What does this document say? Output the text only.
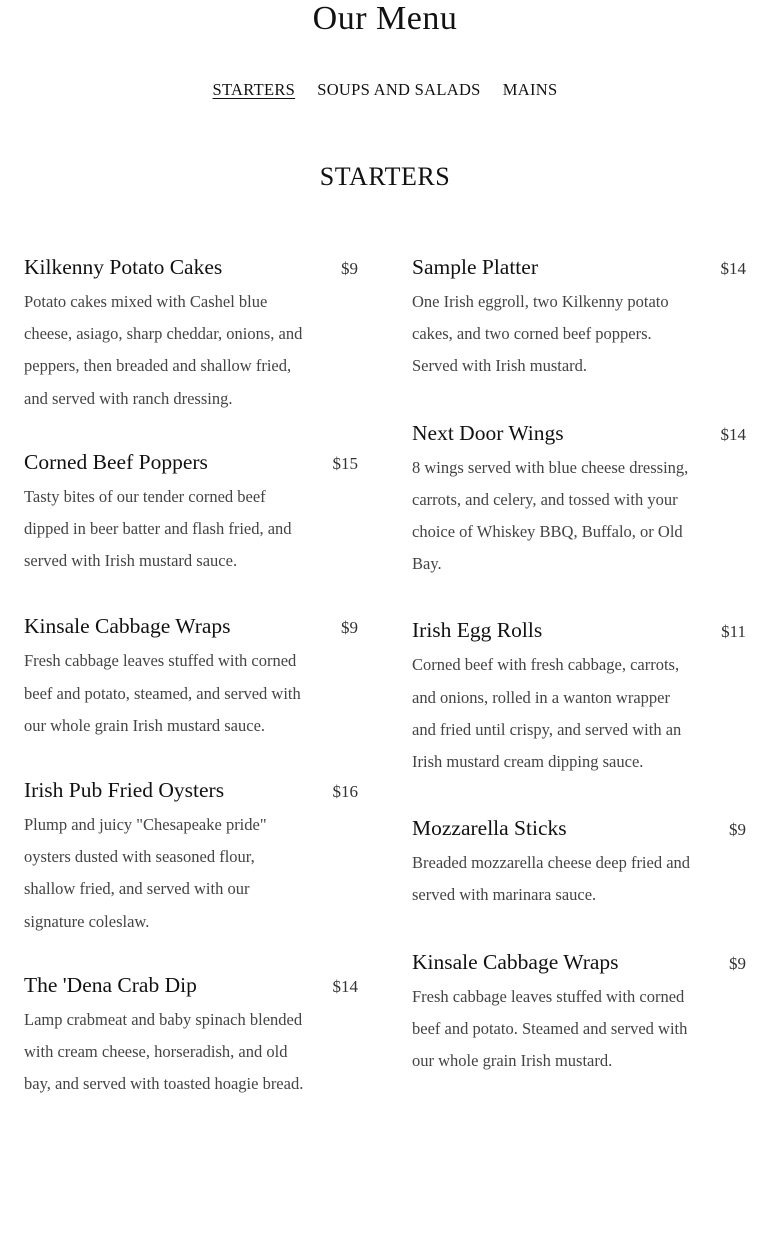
Our Menu
STARTERS SOUPS AND SALADS MAINS
STARTERS
Kilkenny Potato Cakes	$9

Potato cakes mixed with Cashel blue cheese, asiago, sharp cheddar, onions, and peppers, then breaded and shallow fried, and served with ranch dressing.

Corned Beef Poppers	$15

Tasty bites of our tender corned beef dipped in beer batter and flash fried, and served with Irish mustard sauce.

Kinsale Cabbage Wraps	$9

Fresh cabbage leaves stuffed with corned beef and potato, steamed, and served with our whole grain Irish mustard sauce.

Irish Pub Fried Oysters	$16

Plump and juicy "Chesapeake pride" oysters dusted with seasoned flour, shallow fried, and served with our signature coleslaw.

The 'Dena Crab Dip	$14

Lamp crabmeat and baby spinach blended with cream cheese, horseradish, and old bay, and served with toasted hoagie bread.

Sample Platter	$14

One Irish eggroll, two Kilkenny potato cakes, and two corned beef poppers. Served with Irish mustard.

Next Door Wings	$14

8 wings served with blue cheese dressing, carrots, and celery, and tossed with your choice of Whiskey BBQ, Buffalo, or Old Bay.

Irish Egg Rolls	$11

Corned beef with fresh cabbage, carrots, and onions, rolled in a wanton wrapper and fried until crispy, and served with an Irish mustard cream dipping sauce.

Mozzarella Sticks	$9

Breaded mozzarella cheese deep fried and served with marinara sauce.

Kinsale Cabbage Wraps	$9

Fresh cabbage leaves stuffed with corned beef and potato. Steamed and served with our whole grain Irish mustard.
